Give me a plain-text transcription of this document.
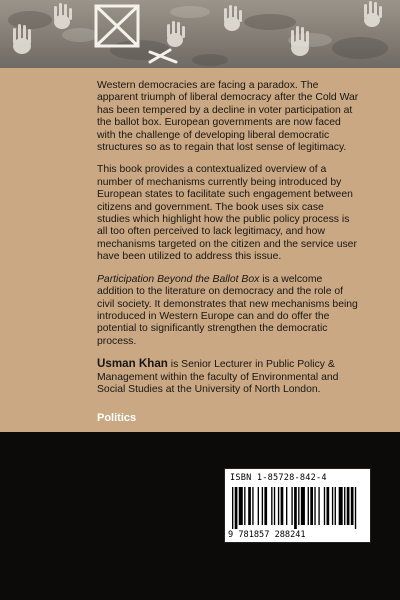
Western democracies are facing a paradox. The apparent triumph of liberal democracy after the Cold War has been tempered by a decline in voter participation at the ballot box. European governments are now faced with the challenge of developing liberal democratic structures so as to regain that lost sense of legitimacy.

This book provides a contextualized overview of a number of mechanisms currently being introduced by European states to facilitate such engagement between citizens and government. The book uses six case studies which highlight how the public policy process is all too often perceived to lack legitimacy, and how mechanisms targeted on the citizen and the service user have been utilized to address this issue.

Participation Beyond the Ballot Box is a welcome addition to the literature on democracy and the role of civil society. It demonstrates that new mechanisms being introduced in Western Europe can and do offer the potential to significantly strengthen the democratic process.

Usman Khan is Senior Lecturer in Public Policy & Management within the faculty of Environmental and Social Studies at the University of North London.

Politics
ISBN 1-85728-842-4
9 781857 288241
